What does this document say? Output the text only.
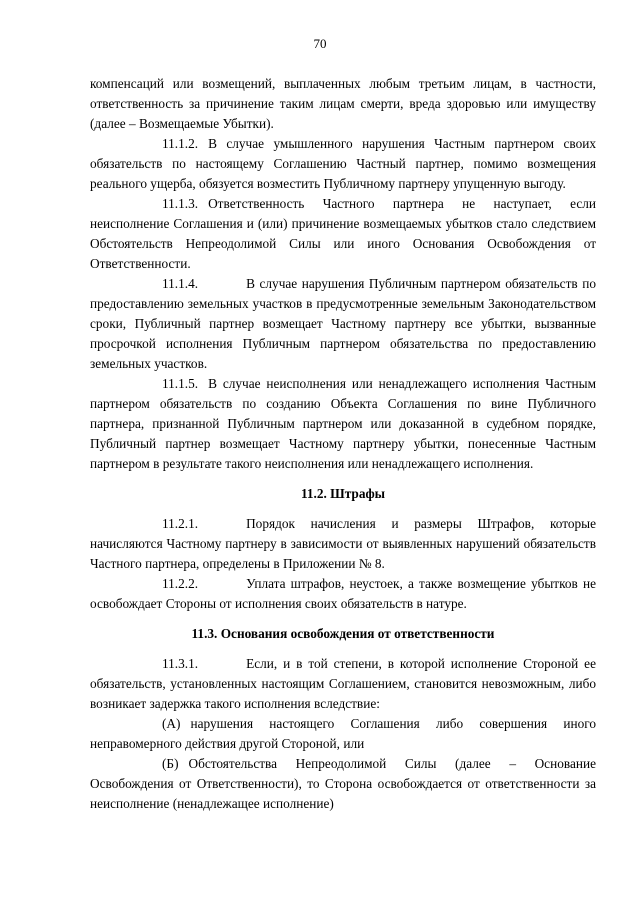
70

компенсаций или возмещений, выплаченных любым третьим лицам, в частности, ответственность за причинение таким лицам смерти, вреда здоровью или имуществу (далее – Возмещаемые Убытки).

11.1.2. В случае умышленного нарушения Частным партнером своих обязательств по настоящему Соглашению Частный партнер, помимо возмещения реального ущерба, обязуется возместить Публичному партнеру упущенную выгоду.

11.1.3. Ответственность Частного партнера не наступает, если неисполнение Соглашения и (или) причинение возмещаемых убытков стало следствием Обстоятельств Непреодолимой Силы или иного Основания Освобождения от Ответственности.

11.1.4.	В случае нарушения Публичным партнером обязательств по предоставлению земельных участков в предусмотренные земельным Законодательством сроки, Публичный партнер возмещает Частному партнеру все убытки, вызванные просрочкой исполнения Публичным партнером обязательства по предоставлению земельных участков.

11.1.5. В случае неисполнения или ненадлежащего исполнения Частным партнером обязательств по созданию Объекта Соглашения по вине Публичного партнера, признанной Публичным партнером или доказанной в судебном порядке, Публичный партнер возмещает Частному партнеру убытки, понесенные Частным партнером в результате такого неисполнения или ненадлежащего исполнения.

11.2. Штрафы

11.2.1.	Порядок начисления и размеры Штрафов, которые начисляются Частному партнеру в зависимости от выявленных нарушений обязательств Частного партнера, определены в Приложении № 8.

11.2.2.	Уплата штрафов, неустоек, а также возмещение убытков не освобождает Стороны от исполнения своих обязательств в натуре.

11.3. Основания освобождения от ответственности

11.3.1.	Если, и в той степени, в которой исполнение Стороной ее обязательств, установленных настоящим Соглашением, становится невозможным, либо возникает задержка такого исполнения вследствие:

(А) нарушения настоящего Соглашения либо совершения иного неправомерного действия другой Стороной, или

(Б) Обстоятельства Непреодолимой Силы (далее – Основание Освобождения от Ответственности), то Сторона освобождается от ответственности за неисполнение (ненадлежащее исполнение)
